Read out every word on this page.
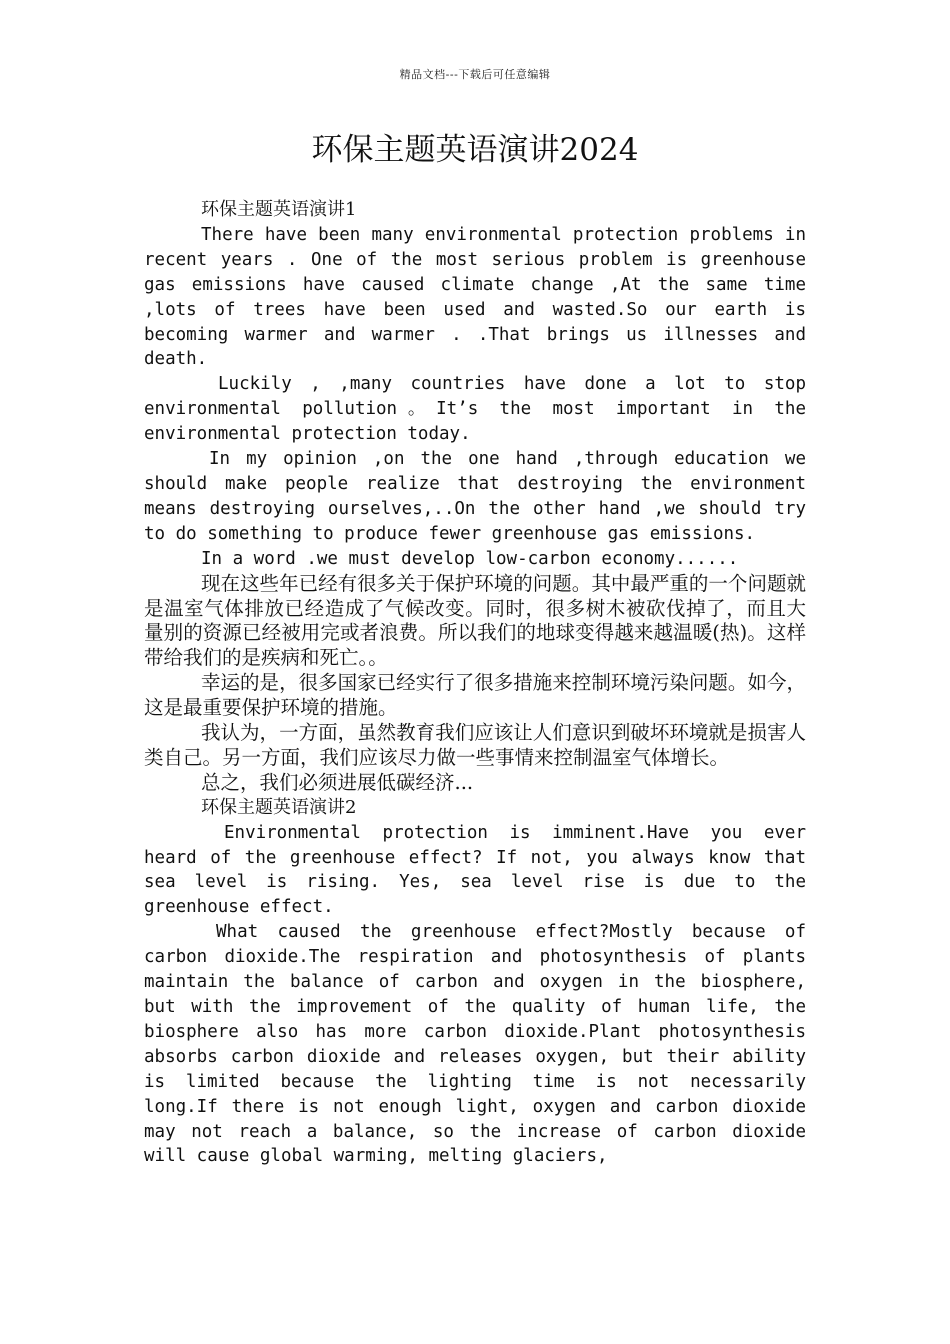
精品文档---下载后可任意编辑
环保主题英语演讲2024

环保主题英语演讲1

There have been many environmental protection problems in recent years . One of the most serious problem is greenhouse gas emissions have caused climate change ,At the same time ,lots of trees have been used and wasted.So our earth is becoming warmer and warmer . .That brings us illnesses and death.

Luckily , ,many countries have done a lot to stop environmental pollution。It’s the most important in the environmental protection today.

In my opinion ,on the one hand ,through education we should make people realize that destroying the environment means destroying ourselves,..On the other hand ,we should try to do something to produce fewer greenhouse gas emissions.

In a word .we must develop low-carbon economy......

现在这些年已经有很多关于保护环境的问题。其中最严重的一个问题就是温室气体排放已经造成了气候改变。同时，很多树木被砍伐掉了，而且大量别的资源已经被用完或者浪费。所以我们的地球变得越来越温暖(热)。这样带给我们的是疾病和死亡。。

幸运的是，很多国家已经实行了很多措施来控制环境污染问题。如今，这是最重要保护环境的措施。

我认为，一方面，虽然教育我们应该让人们意识到破坏环境就是损害人类自己。另一方面，我们应该尽力做一些事情来控制温室气体增长。

总之，我们必须进展低碳经济...

环保主题英语演讲2

Environmental protection is imminent.Have you ever heard of the greenhouse effect? If not, you always know that sea level is rising. Yes, sea level rise is due to the greenhouse effect.

What caused the greenhouse effect?Mostly because of carbon dioxide.The respiration and photosynthesis of plants maintain the balance of carbon and oxygen in the biosphere, but with the improvement of the quality of human life, the biosphere also has more carbon dioxide.Plant photosynthesis absorbs carbon dioxide and releases oxygen, but their ability is limited because the lighting time is not necessarily long.If there is not enough light, oxygen and carbon dioxide may not reach a balance, so the increase of carbon dioxide will cause global warming, melting glaciers,
